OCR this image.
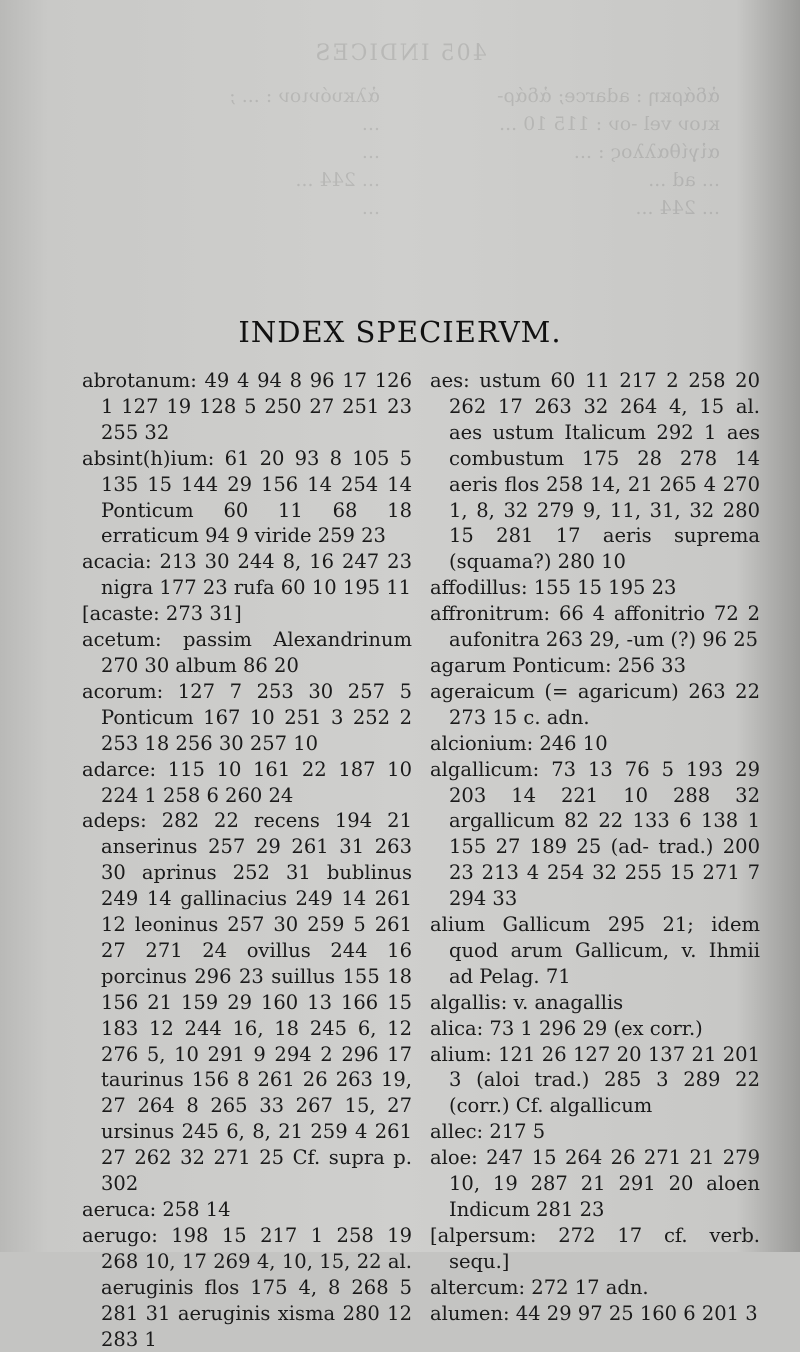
405 INDICES
ἀδάρκη : adarce; ἀδάρ-
κιον vel -ον : 115 10 ...
αἰγίθαλλος : ...
... ad ...
... 244 ...
ἀλκυόνιον : ... ;
...
...
... 244 ...
...
INDEX SPECIERVM.
abrotanum: 49 4 94 8 96 17 126 1 127 19 128 5 250 27 251 23 255 32
absint(h)ium: 61 20 93 8 105 5 135 15 144 29 156 14 254 14 Ponticum 60 11 68 18 erraticum 94 9 viride 259 23
acacia: 213 30 244 8, 16 247 23 nigra 177 23 rufa 60 10 195 11
[acaste: 273 31]
acetum: passim Alexandrinum 270 30 album 86 20
acorum: 127 7 253 30 257 5 Ponticum 167 10 251 3 252 2 253 18 256 30 257 10
adarce: 115 10 161 22 187 10 224 1 258 6 260 24
adeps: 282 22 recens 194 21 anserinus 257 29 261 31 263 30 aprinus 252 31 bublinus 249 14 gallinacius 249 14 261 12 leoninus 257 30 259 5 261 27 271 24 ovillus 244 16 porcinus 296 23 suillus 155 18 156 21 159 29 160 13 166 15 183 12 244 16, 18 245 6, 12 276 5, 10 291 9 294 2 296 17 taurinus 156 8 261 26 263 19, 27 264 8 265 33 267 15, 27 ursinus 245 6, 8, 21 259 4 261 27 262 32 271 25 Cf. supra p. 302
aeruca: 258 14
aerugo: 198 15 217 1 258 19 268 10, 17 269 4, 10, 15, 22 al. aeruginis flos 175 4, 8 268 5 281 31 aeruginis xisma 280 12 283 1
aes: ustum 60 11 217 2 258 20 262 17 263 32 264 4, 15 al. aes ustum Italicum 292 1 aes combustum 175 28 278 14 aeris flos 258 14, 21 265 4 270 1, 8, 32 279 9, 11, 31, 32 280 15 281 17 aeris suprema (squama?) 280 10
affodillus: 155 15 195 23
affronitrum: 66 4 affonitrio 72 2 aufonitra 263 29, -um (?) 96 25
agarum Ponticum: 256 33
ageraicum (= agaricum) 263 22 273 15 c. adn.
alcionium: 246 10
algallicum: 73 13 76 5 193 29 203 14 221 10 288 32 argallicum 82 22 133 6 138 1 155 27 189 25 (ad- trad.) 200 23 213 4 254 32 255 15 271 7 294 33
alium Gallicum 295 21; idem quod arum Gallicum, v. Ihmii ad Pelag. 71
algallis: v. anagallis
alica: 73 1 296 29 (ex corr.)
alium: 121 26 127 20 137 21 201 3 (aloi trad.) 285 3 289 22 (corr.) Cf. algallicum
allec: 217 5
aloe: 247 15 264 26 271 21 279 10, 19 287 21 291 20 aloen Indicum 281 23
[alpersum: 272 17 cf. verb. sequ.]
altercum: 272 17 adn.
alumen: 44 29 97 25 160 6 201 3
